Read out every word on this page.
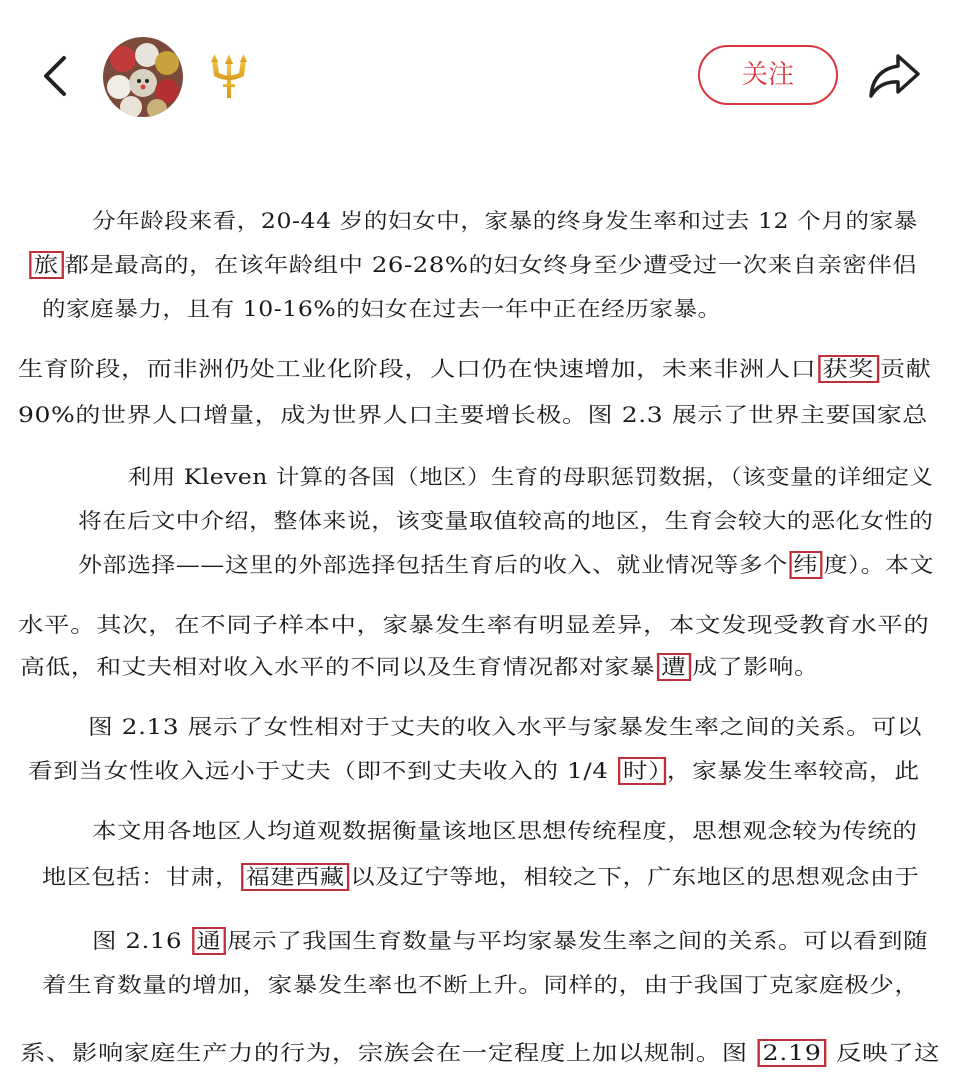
关注
分年龄段来看，20-44 岁的妇女中，家暴的终身发生率和过去 12 个月的家暴
旅 都是最高的，在该年龄组中 26-28%的妇女终身至少遭受过一次来自亲密伴侣
的家庭暴力，且有 10-16%的妇女在过去一年中正在经历家暴。
生育阶段，而非洲仍处工业化阶段，人口仍在快速增加，未来非洲人口 获奖 贡献
90%的世界人口增量，成为世界人口主要增长极。图 2.3 展示了世界主要国家总
利用 Kleven 计算的各国（地区）生育的母职惩罚数据，（该变量的详细定义
将在后文中介绍，整体来说，该变量取值较高的地区，生育会较大的恶化女性的
外部选择——这里的外部选择包括生育后的收入、就业情况等多个 纬 度）。本文
水平。其次，在不同子样本中，家暴发生率有明显差异，本文发现受教育水平的
高低，和丈夫相对收入水平的不同以及生育情况都对家暴 遭 成了影响。
图 2.13 展示了女性相对于丈夫的收入水平与家暴发生率之间的关系。可以
看到当女性收入远小于丈夫（即不到丈夫收入的 1/4 时） ，家暴发生率较高，此
本文用各地区人均道观数据衡量该地区思想传统程度，思想观念较为传统的
地区包括：甘肃， 福建西藏 以及辽宁等地，相较之下，广东地区的思想观念由于
图 2.16 通 展示了我国生育数量与平均家暴发生率之间的关系。可以看到随
着生育数量的增加，家暴发生率也不断上升。同样的，由于我国丁克家庭极少，
系、影响家庭生产力的行为，宗族会在一定程度上加以规制。图 2.19 反映了这
